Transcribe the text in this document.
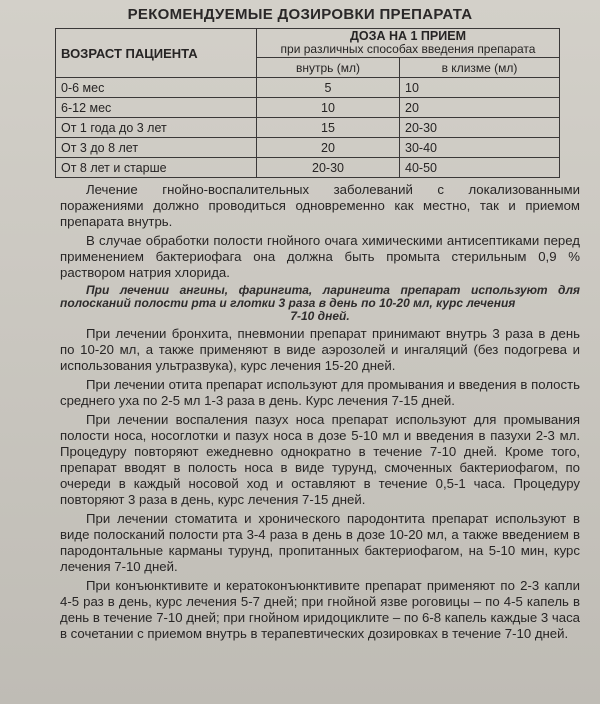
РЕКОМЕНДУЕМЫЕ ДОЗИРОВКИ ПРЕПАРАТА
ВОЗРАСТ ПАЦИЕНТА	ДОЗА НА 1 ПРИЕМ
при различных способах введения препарата	
	внутрь (мл)	в клизме (мл)
0-6 мес	5	10
6-12 мес	10	20
От 1 года до 3 лет	15	20-30
От 3 до 8 лет	20	30-40
От 8 лет и старше	20-30	40-50

Лечение гнойно-воспалительных заболеваний с локализованными поражениями должно проводиться одновременно как местно, так и приемом препарата внутрь.

В случае обработки полости гнойного очага химическими антисептиками перед применением бактериофага она должна быть промыта стерильным 0,9 % раствором натрия хлорида.

При лечении ангины, фарингита, ларингита препарат используют для полосканий полости рта и глотки 3 раза в день по 10-20 мл, курс лечения
7-10 дней.

При лечении бронхита, пневмонии препарат принимают внутрь 3 раза в день по 10-20 мл, а также применяют в виде аэрозолей и ингаляций (без подогрева и использования ультразвука), курс лечения 15-20 дней.

При лечении отита препарат используют для промывания и введения в полость среднего уха по 2-5 мл 1-3 раза в день. Курс лечения 7-15 дней.

При лечении воспаления пазух носа препарат используют для промывания полости носа, носоглотки и пазух носа в дозе 5-10 мл и введения в пазухи 2-3 мл. Процедуру повторяют ежедневно однократно в течение 7-10 дней. Кроме того, препарат вводят в полость носа в виде турунд, смоченных бактериофагом, по очереди в каждый носовой ход и оставляют в течение 0,5-1 часа. Процедуру повторяют 3 раза в день, курс лечения 7-15 дней.

При лечении стоматита и хронического пародонтита препарат используют в виде полосканий полости рта 3-4 раза в день в дозе 10-20 мл, а также введением в пародонтальные карманы турунд, пропитанных бактериофагом, на 5-10 мин, курс лечения 7-10 дней.

При конъюнктивите и кератоконъюнктивите препарат применяют по 2-3 капли 4-5 раз в день, курс лечения 5-7 дней; при гнойной язве роговицы – по 4-5 капель в день в течение 7-10 дней; при гнойном иридоциклите – по 6-8 капель каждые 3 часа в сочетании с приемом внутрь в терапевтических дозировках в течение 7-10 дней.
